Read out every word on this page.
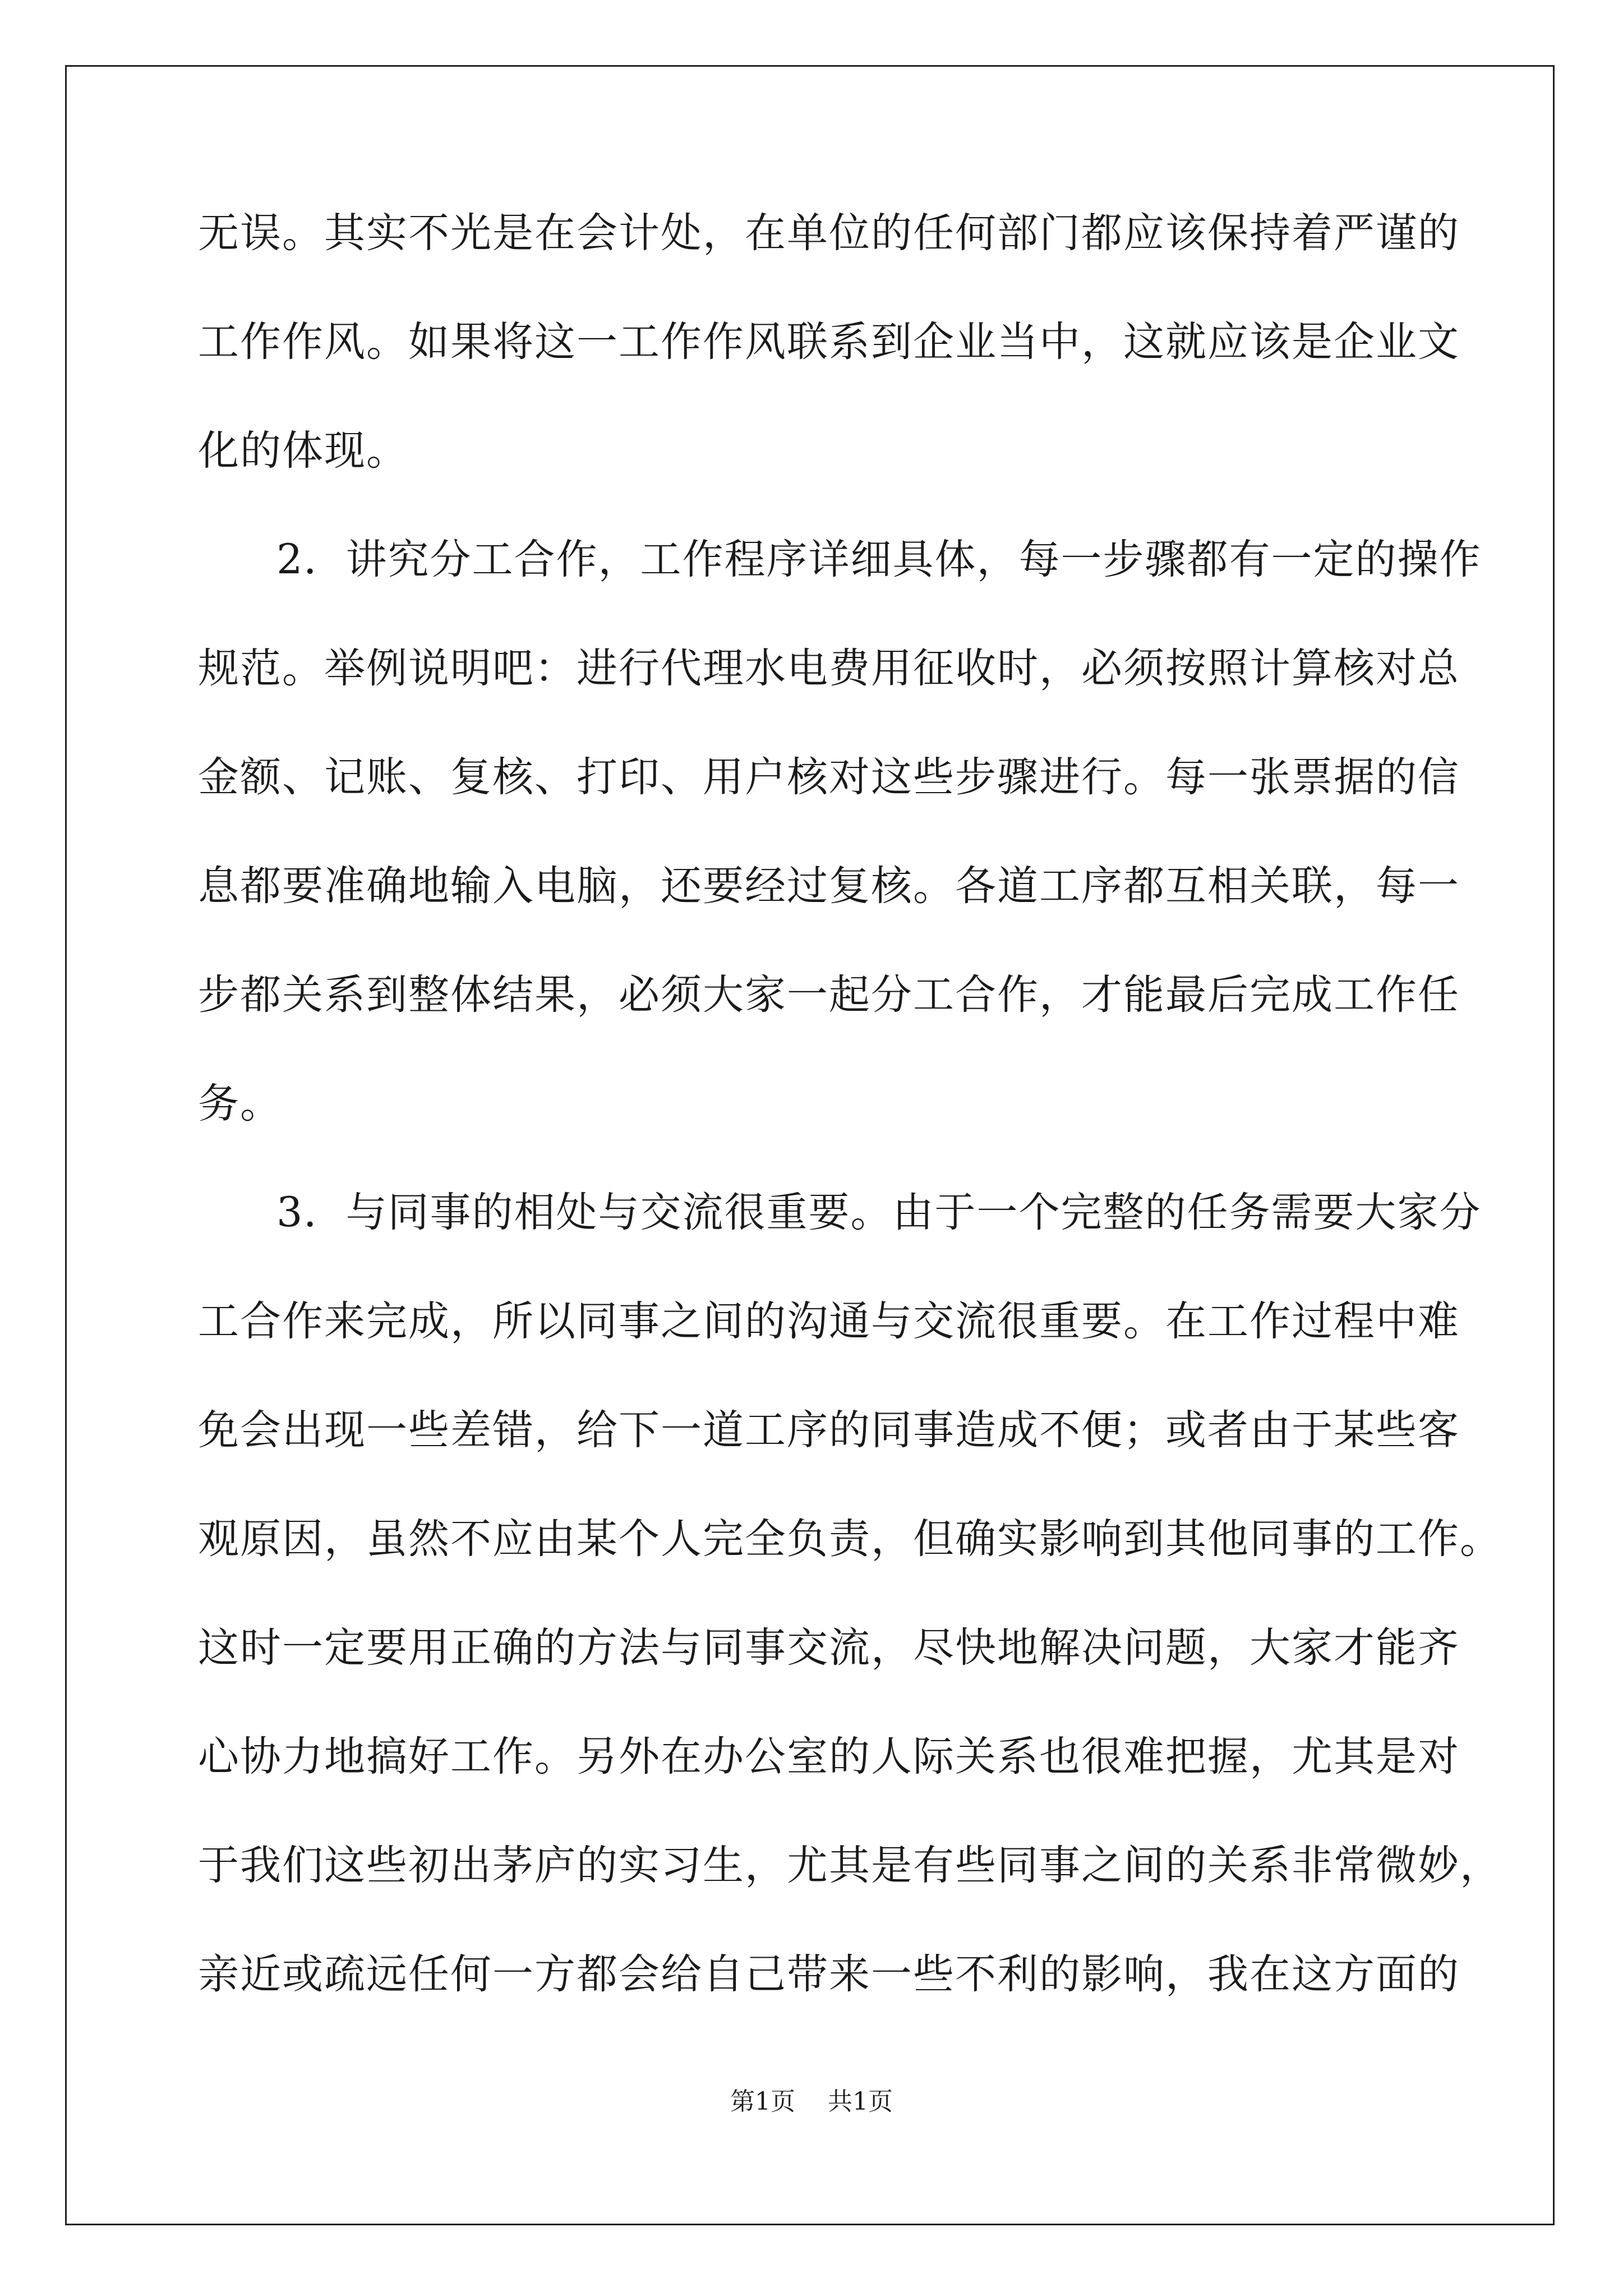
无误。其实不光是在会计处，在单位的任何部门都应该保持着严谨的
工作作风。如果将这一工作作风联系到企业当中，这就应该是企业文
化的体现。
2．讲究分工合作，工作程序详细具体，每一步骤都有一定的操作
规范。举例说明吧：进行代理水电费用征收时，必须按照计算核对总
金额、记账、复核、打印、用户核对这些步骤进行。每一张票据的信
息都要准确地输入电脑，还要经过复核。各道工序都互相关联，每一
步都关系到整体结果，必须大家一起分工合作，才能最后完成工作任
务。
3．与同事的相处与交流很重要。由于一个完整的任务需要大家分
工合作来完成，所以同事之间的沟通与交流很重要。在工作过程中难
免会出现一些差错，给下一道工序的同事造成不便；或者由于某些客
观原因，虽然不应由某个人完全负责，但确实影响到其他同事的工作。
这时一定要用正确的方法与同事交流，尽快地解决问题，大家才能齐
心协力地搞好工作。另外在办公室的人际关系也很难把握，尤其是对
于我们这些初出茅庐的实习生，尤其是有些同事之间的关系非常微妙，
亲近或疏远任何一方都会给自己带来一些不利的影响，我在这方面的
第1页 共1页
